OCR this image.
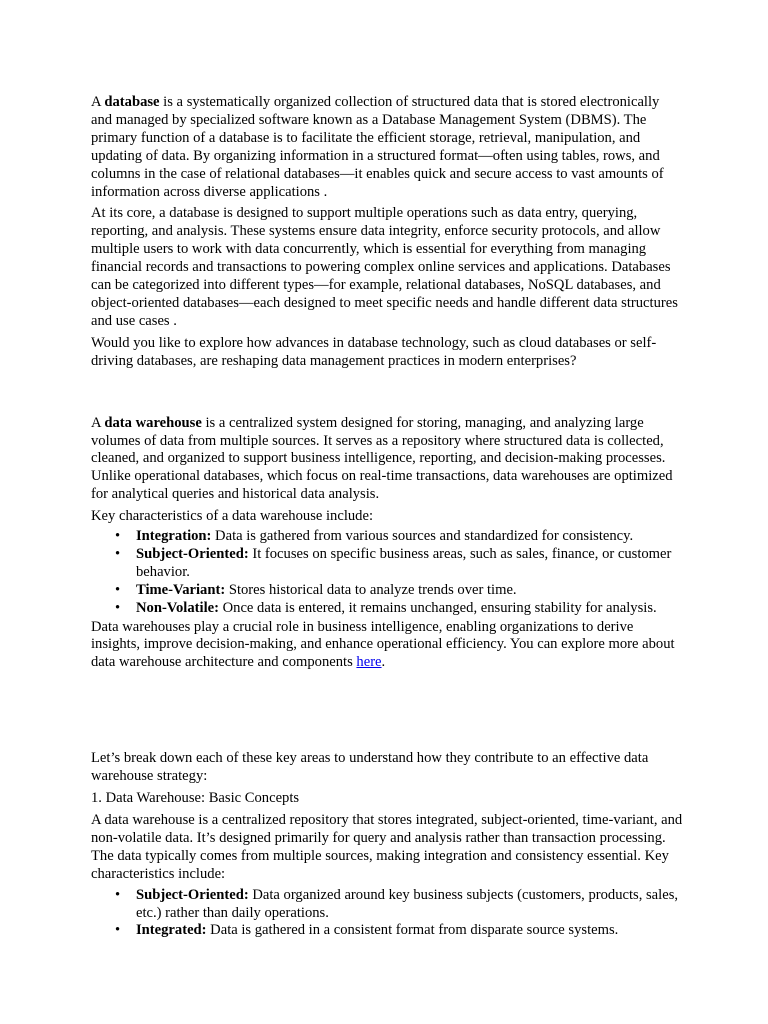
A database is a systematically organized collection of structured data that is stored electronically and managed by specialized software known as a Database Management System (DBMS). The primary function of a database is to facilitate the efficient storage, retrieval, manipulation, and updating of data. By organizing information in a structured format—often using tables, rows, and columns in the case of relational databases—it enables quick and secure access to vast amounts of information across diverse applications .

At its core, a database is designed to support multiple operations such as data entry, querying, reporting, and analysis. These systems ensure data integrity, enforce security protocols, and allow multiple users to work with data concurrently, which is essential for everything from managing financial records and transactions to powering complex online services and applications. Databases can be categorized into different types—for example, relational databases, NoSQL databases, and object-oriented databases—each designed to meet specific needs and handle different data structures and use cases .

Would you like to explore how advances in database technology, such as cloud databases or self-driving databases, are reshaping data management practices in modern enterprises?

A data warehouse is a centralized system designed for storing, managing, and analyzing large volumes of data from multiple sources. It serves as a repository where structured data is collected, cleaned, and organized to support business intelligence, reporting, and decision-making processes. Unlike operational databases, which focus on real-time transactions, data warehouses are optimized for analytical queries and historical data analysis.

Key characteristics of a data warehouse include:

• Integration: Data is gathered from various sources and standardized for consistency.
• Subject-Oriented: It focuses on specific business areas, such as sales, finance, or customer behavior.
• Time-Variant: Stores historical data to analyze trends over time.
• Non-Volatile: Once data is entered, it remains unchanged, ensuring stability for analysis.

Data warehouses play a crucial role in business intelligence, enabling organizations to derive insights, improve decision-making, and enhance operational efficiency. You can explore more about data warehouse architecture and components here.

Let’s break down each of these key areas to understand how they contribute to an effective data warehouse strategy:

1. Data Warehouse: Basic Concepts

A data warehouse is a centralized repository that stores integrated, subject-oriented, time-variant, and non-volatile data. It’s designed primarily for query and analysis rather than transaction processing. The data typically comes from multiple sources, making integration and consistency essential. Key characteristics include:

• Subject-Oriented: Data organized around key business subjects (customers, products, sales, etc.) rather than daily operations.
• Integrated: Data is gathered in a consistent format from disparate source systems.
